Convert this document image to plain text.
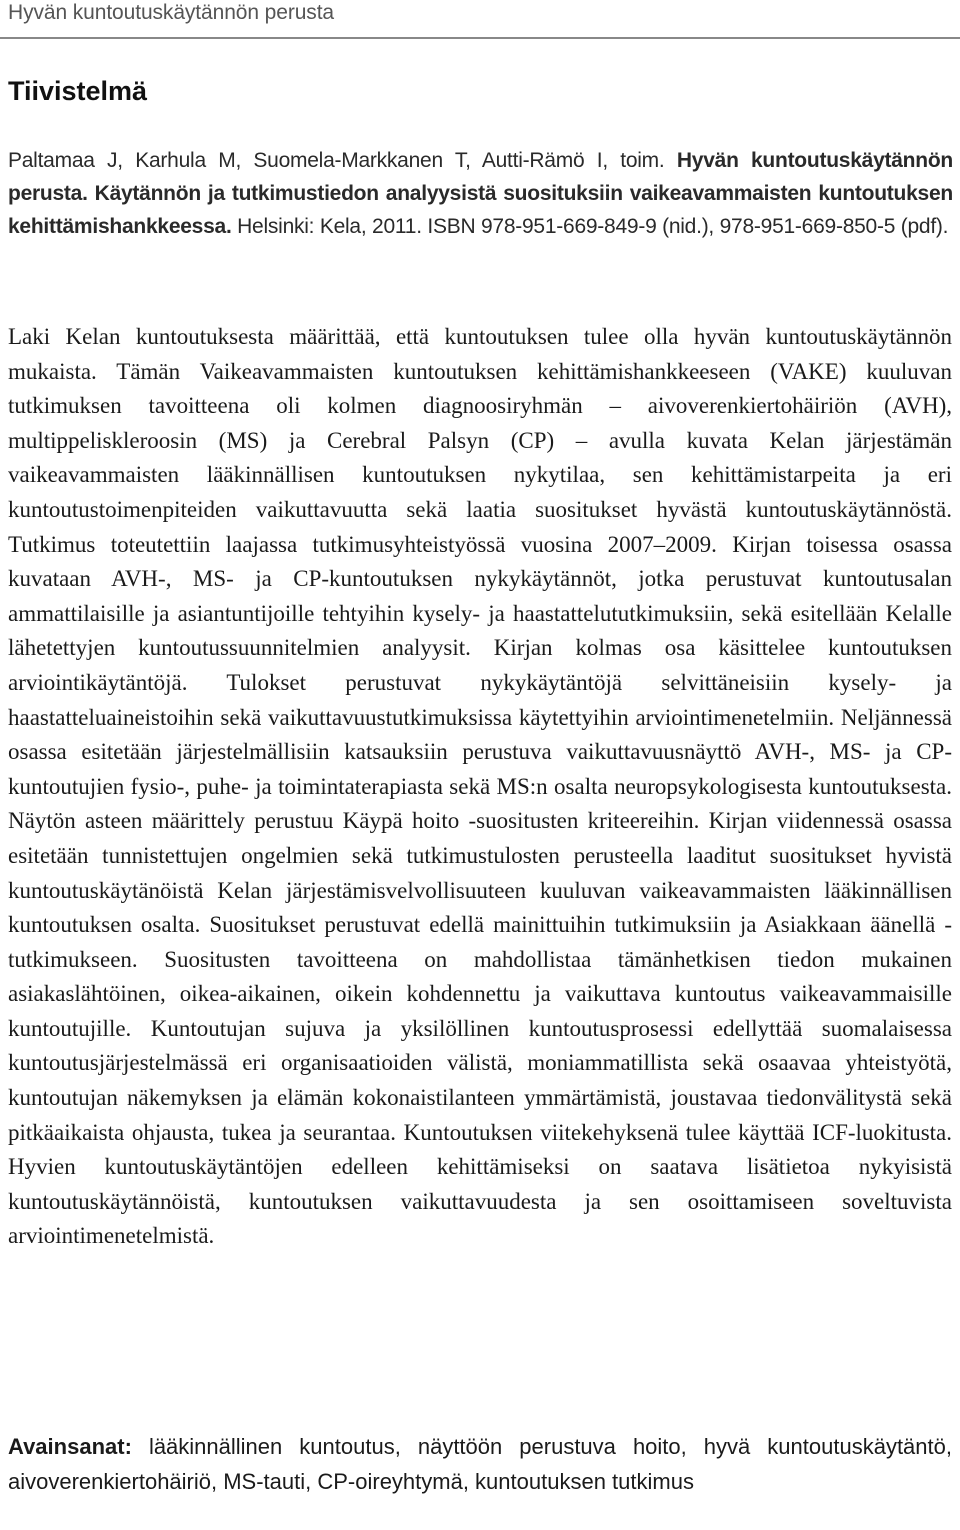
Hyvän kuntoutuskäytännön perusta
Tiivistelmä

Paltamaa J, Karhula M, Suomela-Markkanen T, Autti-Rämö I, toim. Hyvän kuntoutuskäytännön perusta. Käytännön ja tutkimustiedon analyysistä suosituksiin vaikeavammaisten kuntoutuksen kehittämishankkeessa. Helsinki: Kela, 2011. ISBN 978-951-669-849-9 (nid.), 978-951-669-850-5 (pdf).

Laki Kelan kuntoutuksesta määrittää, että kuntoutuksen tulee olla hyvän kuntoutuskäytännön mukaista. Tämän Vaikeavammaisten kuntoutuksen kehittämishankkeeseen (VAKE) kuuluvan tutkimuksen tavoitteena oli kolmen diagnoosiryhmän – aivoverenkiertohäiriön (AVH), multippeliskleroosin (MS) ja Cerebral Palsyn (CP) – avulla kuvata Kelan järjestämän vaikeavammaisten lääkinnällisen kuntoutuksen nykytilaa, sen kehittämistarpeita ja eri kuntoutustoimenpiteiden vaikuttavuutta sekä laatia suositukset hyvästä kuntoutuskäytännöstä. Tutkimus toteutettiin laajassa tutkimusyhteistyössä vuosina 2007–2009. Kirjan toisessa osassa kuvataan AVH-, MS- ja CP-kuntoutuksen nykykäytännöt, jotka perustuvat kuntoutusalan ammattilaisille ja asiantuntijoille tehtyihin kysely- ja haastattelututkimuksiin, sekä esitellään Kelalle lähetettyjen kuntoutussuunnitelmien analyysit. Kirjan kolmas osa käsittelee kuntoutuksen arviointikäytäntöjä. Tulokset perustuvat nykykäytäntöjä selvittäneisiin kysely- ja haastatteluaineistoihin sekä vaikuttavuustutkimuksissa käytettyihin arviointimenetelmiin. Neljännessä osassa esitetään järjestelmällisiin katsauksiin perustuva vaikuttavuusnäyttö AVH-, MS- ja CP-kuntoutujien fysio-, puhe- ja toimintaterapiasta sekä MS:n osalta neuropsykologisesta kuntoutuksesta. Näytön asteen määrittely perustuu Käypä hoito -suositusten kriteereihin. Kirjan viidennessä osassa esitetään tunnistettujen ongelmien sekä tutkimustulosten perusteella laaditut suositukset hyvistä kuntoutuskäytänöistä Kelan järjestämisvelvollisuuteen kuuluvan vaikeavammaisten lääkinnällisen kuntoutuksen osalta. Suositukset perustuvat edellä mainittuihin tutkimuksiin ja Asiakkaan äänellä -tutkimukseen. Suositusten tavoitteena on mahdollistaa tämänhetkisen tiedon mukainen asiakaslähtöinen, oikea-aikainen, oikein kohdennettu ja vaikuttava kuntoutus vaikeavammaisille kuntoutujille. Kuntoutujan sujuva ja yksilöllinen kuntoutusprosessi edellyttää suomalaisessa kuntoutusjärjestelmässä eri organisaatioiden välistä, moniammatillista sekä osaavaa yhteistyötä, kuntoutujan näkemyksen ja elämän kokonaistilanteen ymmärtämistä, joustavaa tiedonvälitystä sekä pitkäaikaista ohjausta, tukea ja seurantaa. Kuntoutuksen viitekehyksenä tulee käyttää ICF-luokitusta. Hyvien kuntoutuskäytäntöjen edelleen kehittämiseksi on saatava lisätietoa nykyisistä kuntoutuskäytännöistä, kuntoutuksen vaikuttavuudesta ja sen osoittamiseen soveltuvista arviointimenetelmistä.

Avainsanat: lääkinnällinen kuntoutus, näyttöön perustuva hoito, hyvä kuntoutuskäytäntö, aivoverenkiertohäiriö, MS-tauti, CP-oireyhtymä, kuntoutuksen tutkimus
